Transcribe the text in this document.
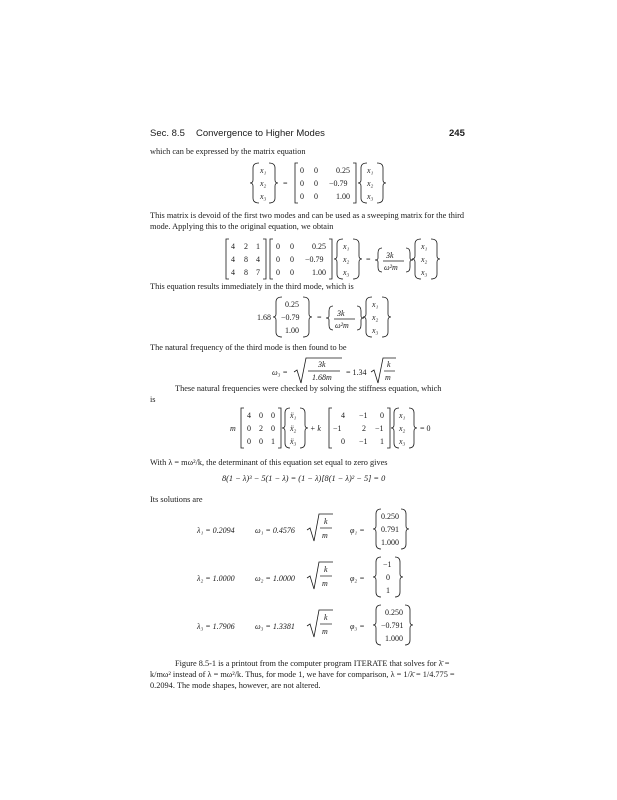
Sec. 8.5 Convergence to Higher Modes	245
which can be expressed by the matrix equation
x₁
x₂
x₃
=
0 0 0.25
0 0 −0.79
0 0 1.00
x₁
x₂
x₃
This matrix is devoid of the first two modes and can be used as a sweeping matrix for the third mode. Applying this to the original equation, we obtain
4 2 1
4 8 4
4 8 7
0 0 0.25
0 0 −0.79
0 0 1.00
x₁
x₂
x₃
= 3k
ω²m
x₁
x₂
x₃
This equation results immediately in the third mode, which is
1.68
0.25
−0.79
1.00
= 3k
ω²m
x₁
x₂
x₃
The natural frequency of the third mode is then found to be
ω₃ =
3k
1.68m
= 1.34
k
m
These natural frequencies were checked by solving the stiffness equation, which
is
m
4 0 0
0 2 0
0 0 1
ẍ₁
ẍ₂
ẍ₃
+ k
4 −1 0
−1	2 −1
0 −1 1
x₁
x₂
x₃
= 0
With λ = mω²/k, the determinant of this equation set equal to zero gives
8(1 − λ)³ − 5(1 − λ) = (1 − λ)[8(1 − λ)² − 5] = 0
Its solutions are
λ₁ = 0.2094	ω₁ = 0.4576
k
m
φ₁ =
0.250
0.791
1.000
λ₂ = 1.0000	ω₂ = 1.0000
k
m
φ₂ =
−1
0
1
λ₃ = 1.7906	ω₃ = 1.3381
k
m
φ₃ =
0.250
−0.791
1.000
Figure 8.5-1 is a printout from the computer program ITERATE that solves for λ̄ = k/mω² instead of λ = mω²/k. Thus, for mode 1, we have for comparison, λ = 1/λ̄ = 1/4.775 = 0.2094. The mode shapes, however, are not altered.
